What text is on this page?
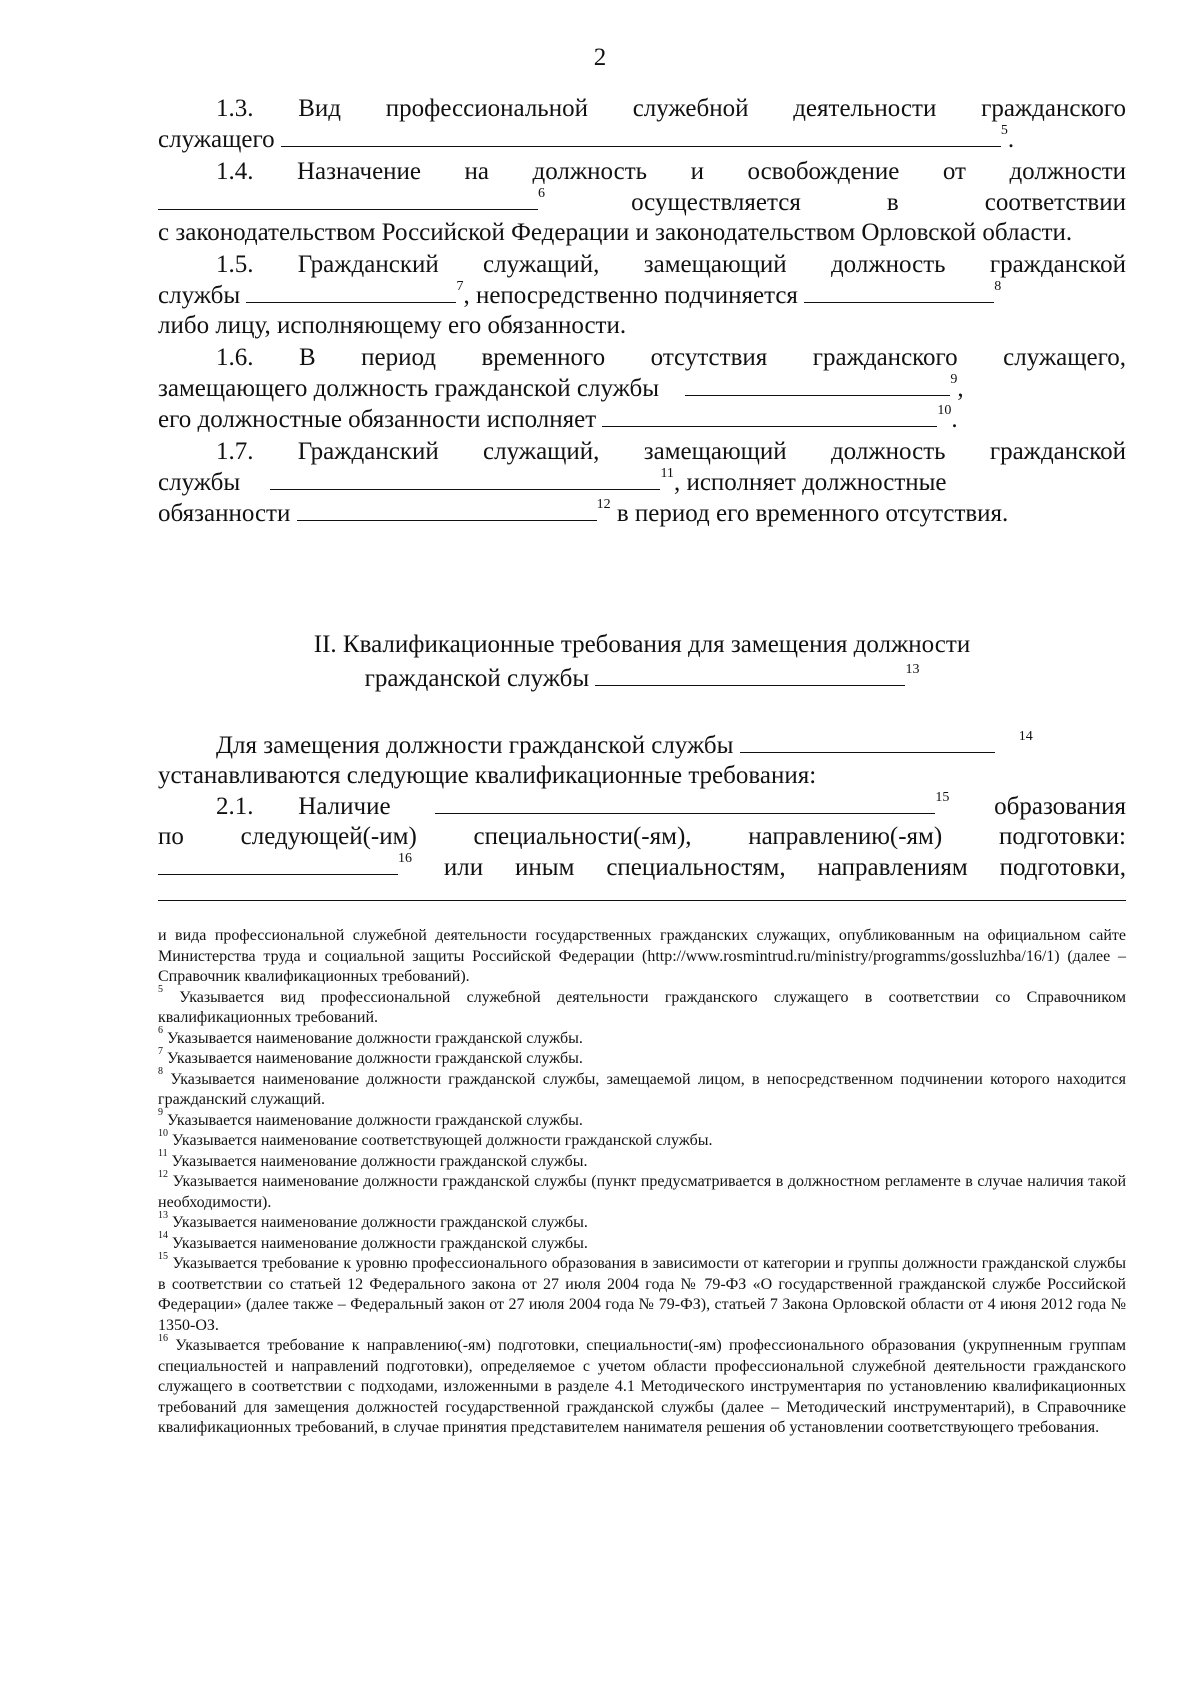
2

1.3. Вид профессиональной служебной деятельности гражданского

служащего	$^5$.

1.4. Назначение на должность и освобождение от должности

$^6$	осуществляется в соответствии

с законодательством Российской Федерации и законодательством Орловской области.

1.5. Гражданский служащий, замещающий должность гражданской

службы	$^7$, непосредственно подчиняется	$^8$

либо лицу, исполняющему его обязанности.

1.6. В период временного отсутствия гражданского служащего,

замещающего должность гражданской службы	$^9$,

его должностные обязанности исполняет	$^{10}$.

1.7. Гражданский служащий, замещающий должность гражданской

службы	$^{11}$, исполняет должностные

обязанности	$^{12}$ в период его временного отсутствия.

II. Квалификационные требования для замещения должности
гражданской службы	$^{13}$

Для замещения должности гражданской службы	$^{14}$

устанавливаются следующие квалификационные требования:

2.1. Наличие	$^{15}$ образования

по следующей(-им) специальности(-ям), направлению(-ям) подготовки:

$^{16}$ или иным специальностям, направлениям подготовки,

и вида профессиональной служебной деятельности государственных гражданских служащих, опубликованным на официальном сайте Министерства труда и социальной защиты Российской Федерации (http://www.rosmintrud.ru/ministry/programms/gossluzhba/16/1) (далее – Справочник квалификационных требований).

$^5$ Указывается вид профессиональной служебной деятельности гражданского служащего в соответствии со Справочником квалификационных требований.

$^6$ Указывается наименование должности гражданской службы.

$^7$ Указывается наименование должности гражданской службы.

$^8$ Указывается наименование должности гражданской службы, замещаемой лицом, в непосредственном подчинении которого находится гражданский служащий.

$^9$ Указывается наименование должности гражданской службы.

$^{10}$ Указывается наименование соответствующей должности гражданской службы.

$^{11}$ Указывается наименование должности гражданской службы.

$^{12}$ Указывается наименование должности гражданской службы (пункт предусматривается в должностном регламенте в случае наличия такой необходимости).

$^{13}$ Указывается наименование должности гражданской службы.

$^{14}$ Указывается наименование должности гражданской службы.

$^{15}$ Указывается требование к уровню профессионального образования в зависимости от категории и группы должности гражданской службы в соответствии со статьей 12 Федерального закона от 27 июля 2004 года № 79-ФЗ «О государственной гражданской службе Российской Федерации» (далее также – Федеральный закон от 27 июля 2004 года № 79-ФЗ), статьей 7 Закона Орловской области от 4 июня 2012 года № 1350-ОЗ.

$^{16}$ Указывается требование к направлению(-ям) подготовки, специальности(-ям) профессионального образования (укрупненным группам специальностей и направлений подготовки), определяемое с учетом области профессиональной служебной деятельности гражданского служащего в соответствии с подходами, изложенными в разделе 4.1 Методического инструментария по установлению квалификационных требований для замещения должностей государственной гражданской службы (далее – Методический инструментарий), в Справочнике квалификационных требований, в случае принятия представителем нанимателя решения об установлении соответствующего требования.
